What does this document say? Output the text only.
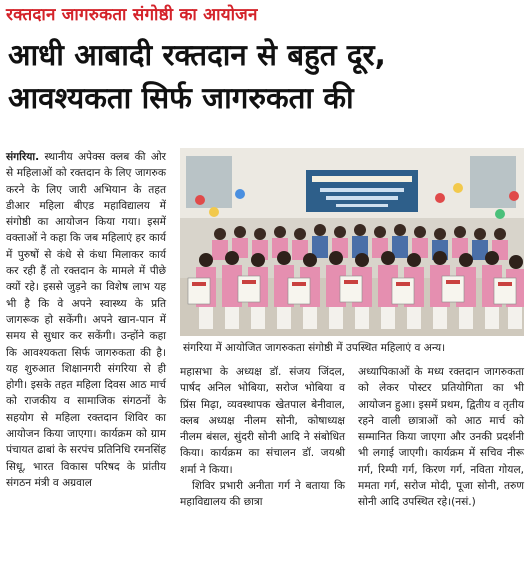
रक्तदान जागरुकता संगोष्ठी का आयोजन
आधी आबादी रक्तदान से बहुत दूर,
आवश्यकता सिर्फ जागरुकता की
संगरिया. स्थानीय अपेक्स क्लब की ओर से महिलाओं को रक्तदान के लिए जागरुक करने के लिए जारी अभियान के तहत डीआर महिला बीएड महाविद्यालय में संगोष्ठी का आयोजन किया गया। इसमें वक्ताओं ने कहा कि जब महिलाएं हर कार्य में पुरुषों से कंधे से कंधा मिलाकर कार्य कर रही हैं तो रक्तदान के मामले में पीछे क्यों रहे। इससे जुड़ने का विशेष लाभ यह भी है कि वे अपने स्वास्थ्य के प्रति जागरूक हो सकेंगी। अपने खान-पान में समय से सुधार कर सकेंगी। उन्होंने कहा कि आवश्यकता सिर्फ जागरुकता की है। यह शुरुआत शिक्षानगरी संगरिया से ही होगी। इसके तहत महिला दिवस आठ मार्च को राजकीय व सामाजिक संगठनों के सहयोग से महिला रक्तदान शिविर का आयोजन किया जाएगा। कार्यक्रम को ग्राम पंचायत ढाबां के सरपंच प्रतिनिधि रमनसिंह सिधू, भारत विकास परिषद के प्रांतीय संगठन मंत्री व अग्रवाल
संगरिया में आयोजित जागरुकता संगोष्ठी में उपस्थित महिलाएं व अन्य।

महासभा के अध्यक्ष डॉ. संजय जिंदल, पार्षद अनिल भोबिया, सरोज भोबिया व प्रिंस मिढ़ा, व्यवस्थापक खेतपाल बेनीवाल, क्लब अध्यक्ष नीलम सोनी, कोषाध्यक्ष नीलम बंसल, सुंदरी सोनी आदि ने संबोधित किया। कार्यक्रम का संचालन डॉ. जयश्री शर्मा ने किया।

शिविर प्रभारी अनीता गर्ग ने बताया कि महाविद्यालय की छात्रा

अध्यापिकाओं के मध्य रक्तदान जागरुकता को लेकर पोस्टर प्रतियोगिता का भी आयोजन हुआ। इसमें प्रथम, द्वितीय व तृतीय रहने वाली छात्राओं को आठ मार्च को सम्मानित किया जाएगा और उनकी प्रदर्शनी भी लगाई जाएगी। कार्यक्रम में सचिव नीरू गर्ग, रिम्पी गर्ग, किरण गर्ग, नविता गोयल, ममता गर्ग, सरोज मोदी, पूजा सोनी, तरुण सोनी आदि उपस्थित रहे।(नसं.)
